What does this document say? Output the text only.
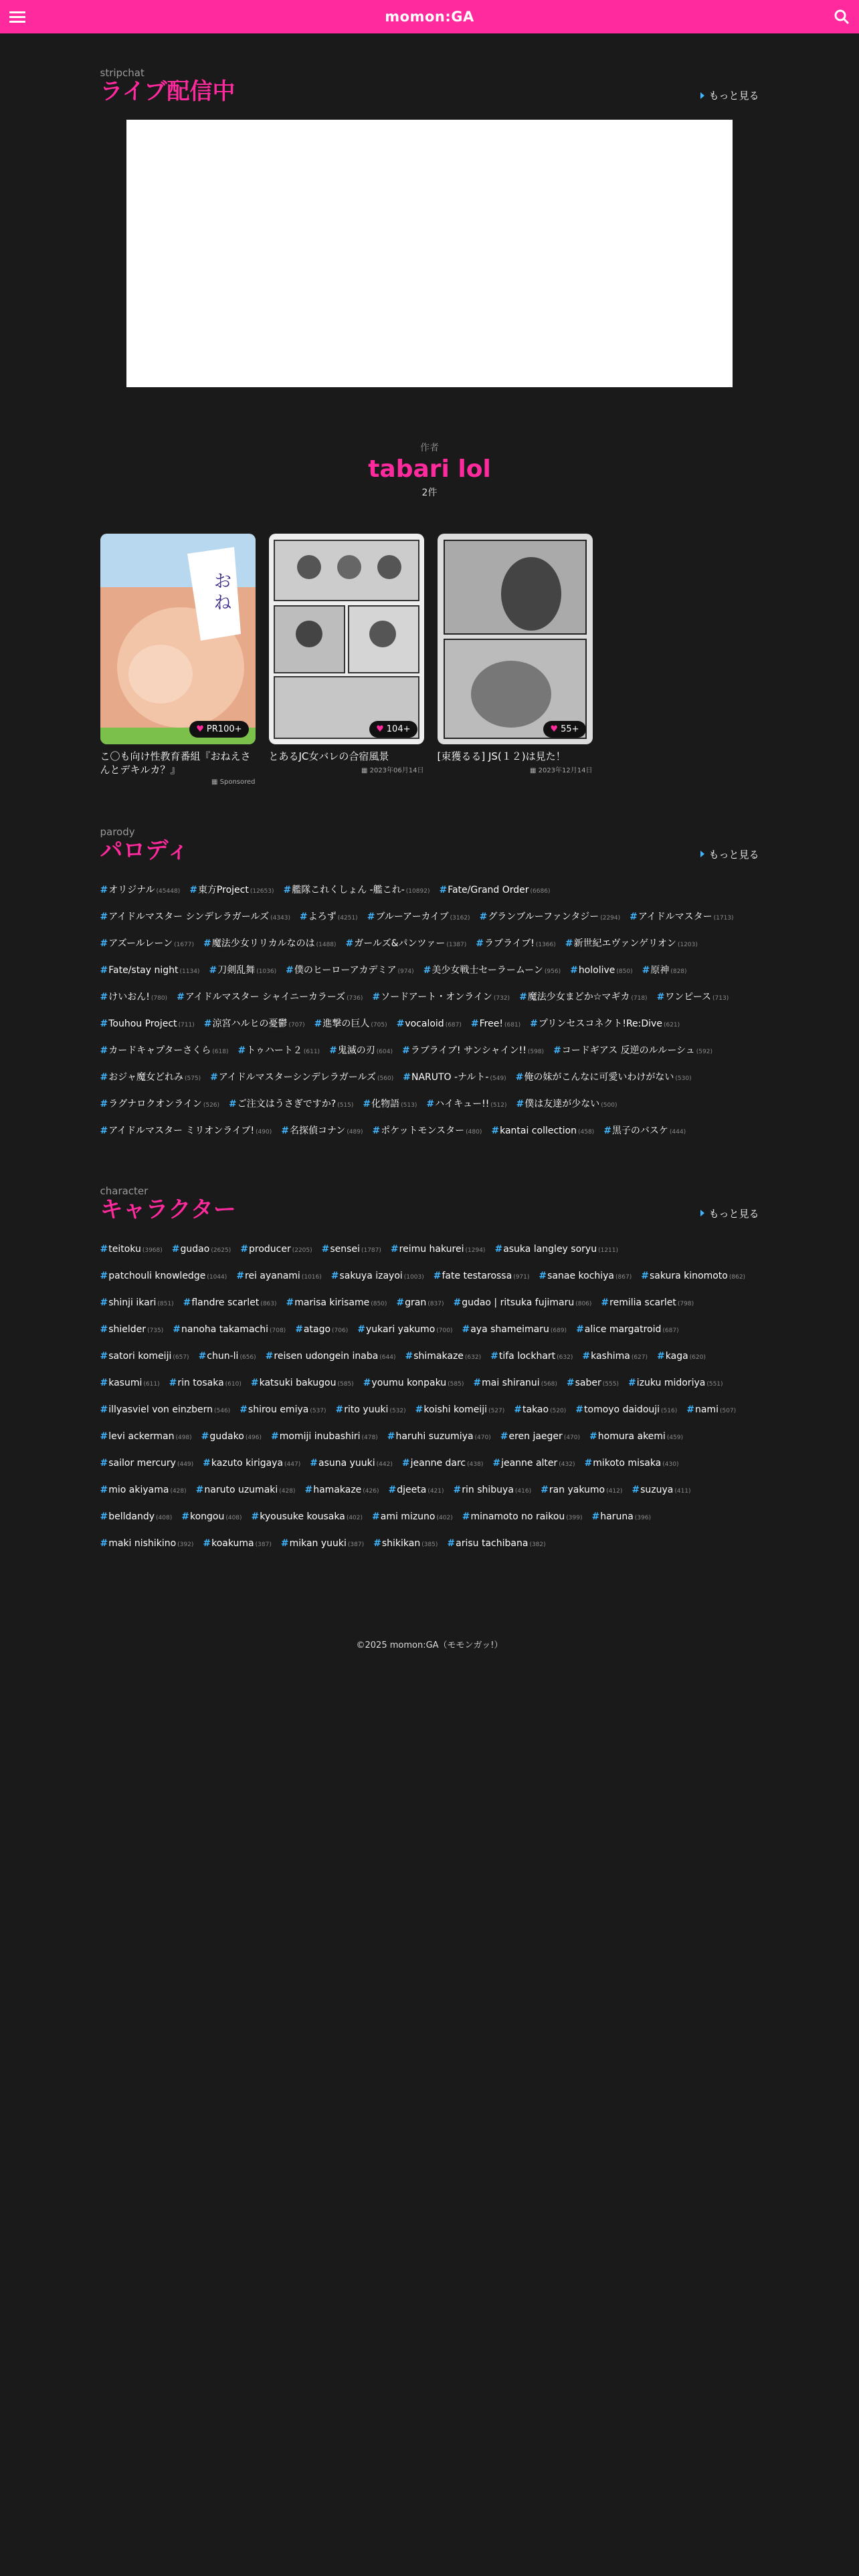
momon:GA
stripchat
ライブ配信中	もっと見る
作者
tabari lol
2件
お
ね
♥ PR100+
こ〇も向け性教育番組『おねえさんとデキルカ？』
▦ Sponsored
♥ 104+
とあるJC女バレの合宿風景
▦ 2023年06月14日
♥ 55+
[束獲るる] JS(１２)は見た！
▦ 2023年12月14日
parody
パロディ	もっと見る
#オリジナル (45448) #東方Project (12653) #艦隊これくしょん -艦これ- (10892) #Fate/Grand Order (6686)#アイドルマスター シンデレラガールズ (4343) #よろず (4251) #ブルーアーカイブ (3162) #グランブルーファンタジー (2294) #アイドルマスター (1713)#アズールレーン (1677) #魔法少女リリカルなのは (1488) #ガールズ&パンツァー (1387) #ラブライブ! (1366) #新世紀エヴァンゲリオン (1203)#Fate/stay night (1134) #刀剣乱舞 (1036) #僕のヒーローアカデミア (974) #美少女戦士セーラームーン (956) #hololive (850) #原神 (828)#けいおん! (780) #アイドルマスター シャイニーカラーズ (736) #ソードアート・オンライン (732) #魔法少女まどか☆マギカ (718) #ワンピース (713)#Touhou Project (711) #涼宮ハルヒの憂鬱 (707) #進撃の巨人 (705) #vocaloid (687) #Free! (681) #プリンセスコネクト!Re:Dive (621)#カードキャプターさくら (618) #トゥハート２ (611) #鬼滅の刃 (604) #ラブライブ! サンシャイン!! (598) #コードギアス 反逆のルルーシュ (592)#おジャ魔女どれみ (575) #アイドルマスターシンデレラガールズ (560) #NARUTO -ナルト- (549) #俺の妹がこんなに可愛いわけがない (530)#ラグナロクオンライン (526) #ご注文はうさぎですか? (515) #化物語 (513) #ハイキュー!! (512) #僕は友達が少ない (500)#アイドルマスター ミリオンライブ! (490) #名探偵コナン (489) #ポケットモンスター (480) #kantai collection (458) #黒子のバスケ (444)
character
キャラクター	もっと見る
#teitoku (3968) #gudao (2625) #producer (2205) #sensei (1787) #reimu hakurei (1294) #asuka langley soryu (1211)#patchouli knowledge (1044) #rei ayanami (1016) #sakuya izayoi (1003) #fate testarossa (971) #sanae kochiya (867) #sakura kinomoto (862)#shinji ikari (851) #flandre scarlet (863) #marisa kirisame (850) #gran (837) #gudao | ritsuka fujimaru (806) #remilia scarlet (798)#shielder (735) #nanoha takamachi (708) #atago (706) #yukari yakumo (700) #aya shameimaru (689) #alice margatroid (687)#satori komeiji (657) #chun-li (656) #reisen udongein inaba (644) #shimakaze (632) #tifa lockhart (632) #kashima (627) #kaga (620)#kasumi (611) #rin tosaka (610) #katsuki bakugou (585) #youmu konpaku (585) #mai shiranui (568) #saber (555) #izuku midoriya (551)#illyasviel von einzbern (546) #shirou emiya (537) #rito yuuki (532) #koishi komeiji (527) #takao (520) #tomoyo daidouji (516) #nami (507)#levi ackerman (498) #gudako (496) #momiji inubashiri (478) #haruhi suzumiya (470) #eren jaeger (470) #homura akemi (459)#sailor mercury (449) #kazuto kirigaya (447) #asuna yuuki (442) #jeanne darc (438) #jeanne alter (432) #mikoto misaka (430)#mio akiyama (428) #naruto uzumaki (428) #hamakaze (426) #djeeta (421) #rin shibuya (416) #ran yakumo (412) #suzuya (411)#belldandy (408) #kongou (408) #kyousuke kousaka (402) #ami mizuno (402) #minamoto no raikou (399) #haruna (396)#maki nishikino (392) #koakuma (387) #mikan yuuki (387) #shikikan (385) #arisu tachibana (382)
©2025 momon:GA（モモンガッ!）
